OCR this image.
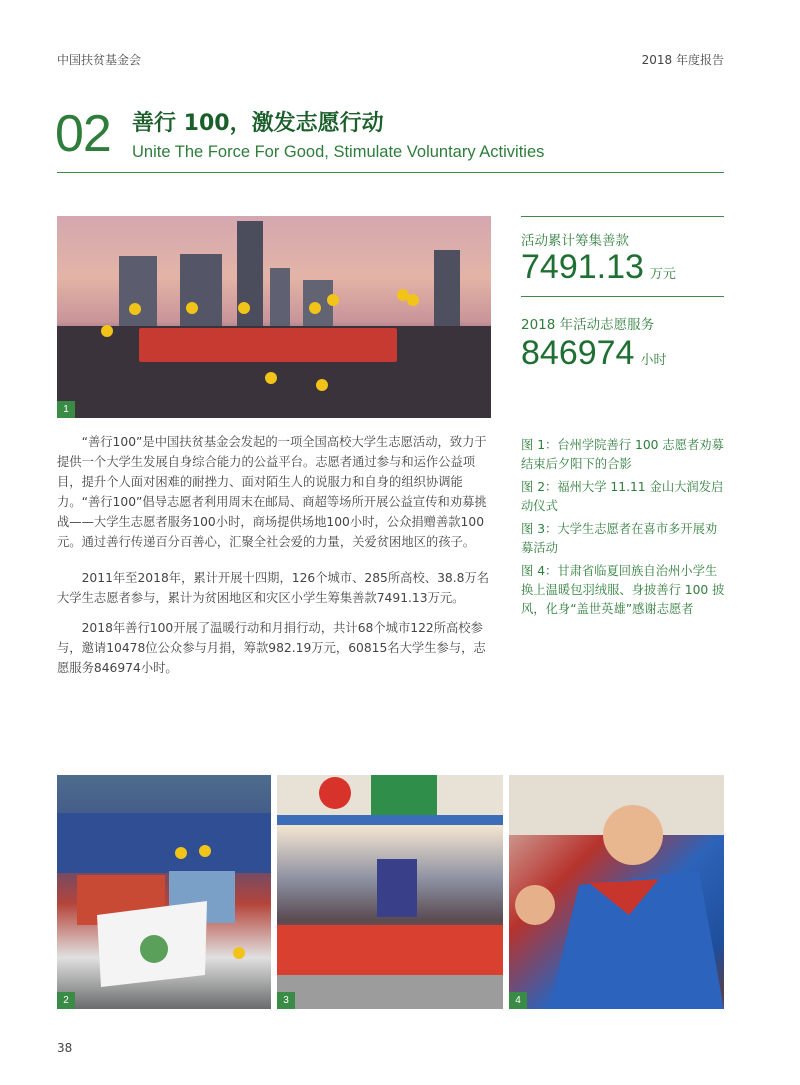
中国扶贫基金会	2018 年度报告
02 善行 100，激发志愿行动
Unite The Force For Good, Stimulate Voluntary Activities
1
活动累计筹集善款
7491.13 万元
2018 年活动志愿服务
846974 小时

“善行100”是中国扶贫基金会发起的一项全国高校大学生志愿活动，致力于提供一个大学生发展自身综合能力的公益平台。志愿者通过参与和运作公益项目，提升个人面对困难的耐挫力、面对陌生人的说服力和自身的组织协调能力。“善行100”倡导志愿者利用周末在邮局、商超等场所开展公益宣传和劝募挑战——大学生志愿者服务100小时，商场提供场地100小时，公众捐赠善款100元。通过善行传递百分百善心，汇聚全社会爱的力量，关爱贫困地区的孩子。

2011年至2018年，累计开展十四期，126个城市、285所高校、38.8万名大学生志愿者参与，累计为贫困地区和灾区小学生筹集善款7491.13万元。

2018年善行100开展了温暖行动和月捐行动，共计68个城市122所高校参与，邀请10478位公众参与月捐，筹款982.19万元，60815名大学生参与，志愿服务846974小时。

图 1：台州学院善行 100 志愿者劝募结束后夕阳下的合影

图 2：福州大学 11.11 金山大润发启动仪式

图 3：大学生志愿者在喜市多开展劝募活动

图 4：甘肃省临夏回族自治州小学生换上温暖包羽绒服、身披善行 100 披风，化身“盖世英雄”感谢志愿者

2	3	4
38
